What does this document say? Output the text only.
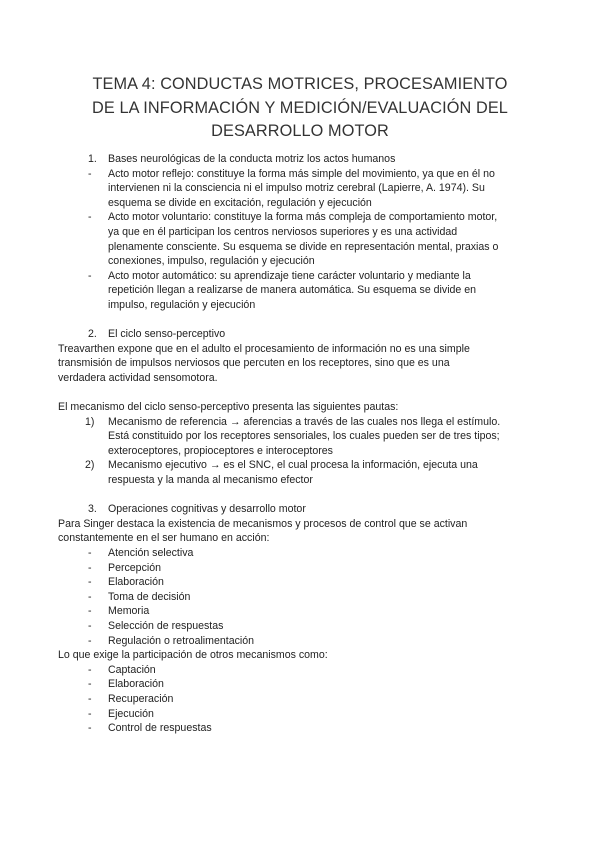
TEMA 4: CONDUCTAS MOTRICES, PROCESAMIENTO
DE LA INFORMACIÓN Y MEDICIÓN/EVALUACIÓN DEL
DESARROLLO MOTOR
1. Bases neurológicas de la conducta motriz los actos humanos
- Acto motor reflejo: constituye la forma más simple del movimiento, ya que en él no
intervienen ni la consciencia ni el impulso motriz cerebral (Lapierre, A. 1974). Su
esquema se divide en excitación, regulación y ejecución
- Acto motor voluntario: constituye la forma más compleja de comportamiento motor,
ya que en él participan los centros nerviosos superiores y es una actividad
plenamente consciente. Su esquema se divide en representación mental, praxias o
conexiones, impulso, regulación y ejecución
- Acto motor automático: su aprendizaje tiene carácter voluntario y mediante la
repetición llegan a realizarse de manera automática. Su esquema se divide en
impulso, regulación y ejecución
2. El ciclo senso-perceptivo
Treavarthen expone que en el adulto el procesamiento de información no es una simple
transmisión de impulsos nerviosos que percuten en los receptores, sino que es una
verdadera actividad sensomotora.
El mecanismo del ciclo senso-perceptivo presenta las siguientes pautas:
1) Mecanismo de referencia → aferencias a través de las cuales nos llega el estímulo.
Está constituido por los receptores sensoriales, los cuales pueden ser de tres tipos;
exteroceptores, propioceptores e interoceptores
2) Mecanismo ejecutivo → es el SNC, el cual procesa la información, ejecuta una
respuesta y la manda al mecanismo efector
3. Operaciones cognitivas y desarrollo motor
Para Singer destaca la existencia de mecanismos y procesos de control que se activan
constantemente en el ser humano en acción:
- Atención selectiva
- Percepción
- Elaboración
- Toma de decisión
- Memoria
- Selección de respuestas
- Regulación o retroalimentación
Lo que exige la participación de otros mecanismos como:
- Captación
- Elaboración
- Recuperación
- Ejecución
- Control de respuestas
